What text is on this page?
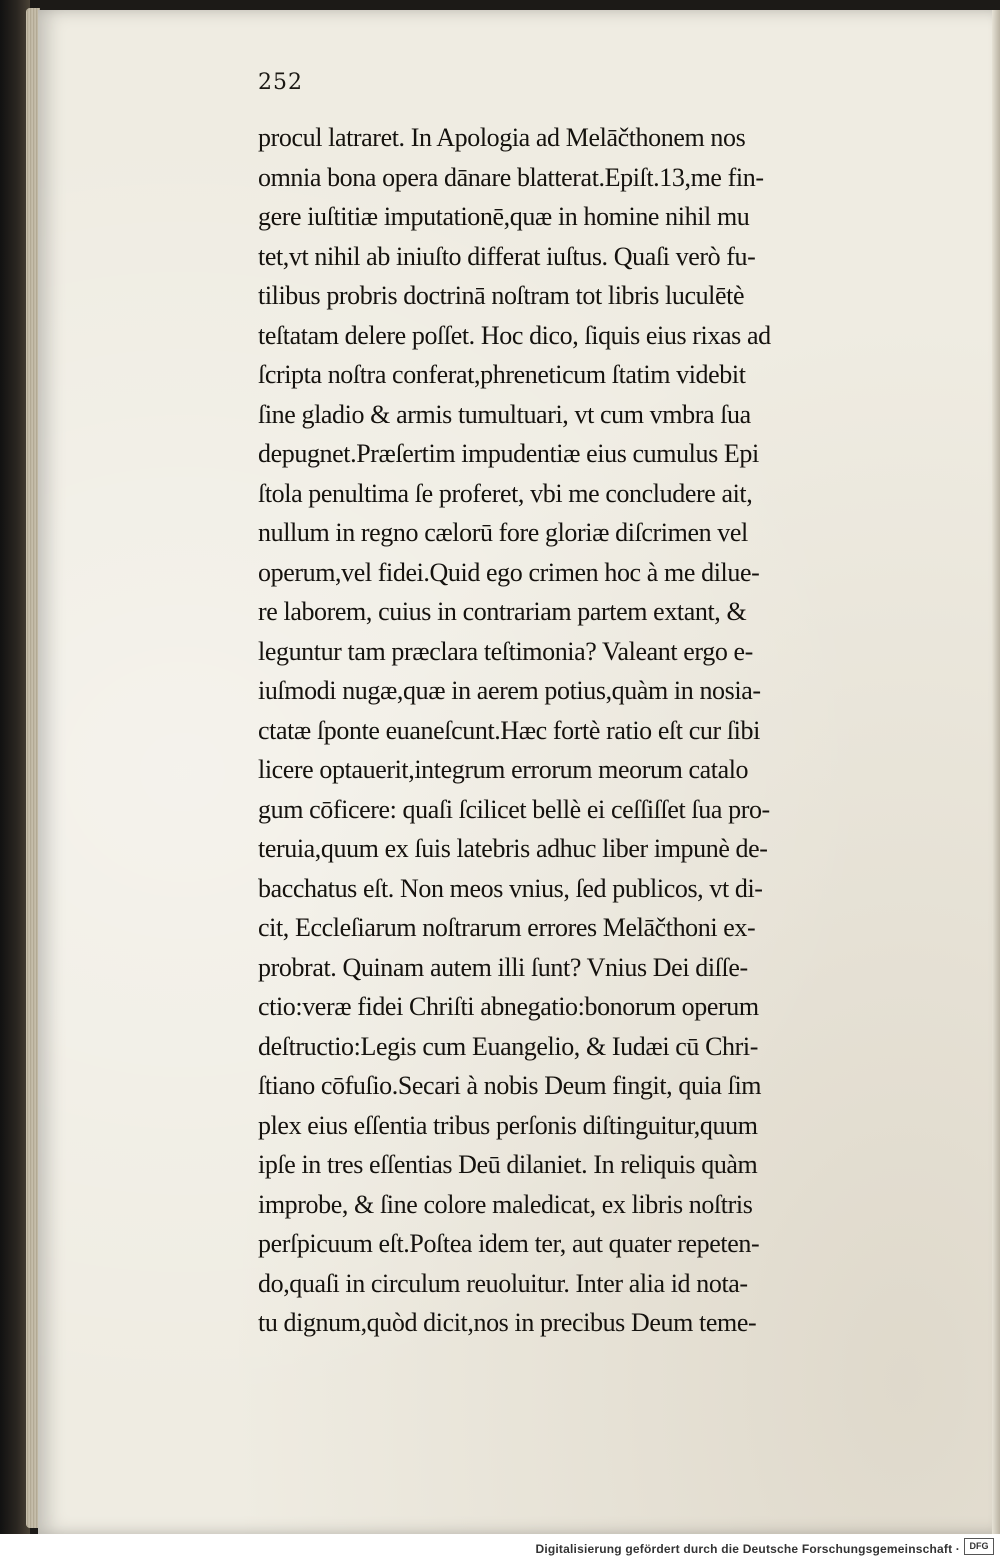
252

procul latraret. In Apologia ad Melāčthonem nos
omnia bona opera dānare blatterat.Epiſt.13,me fin-
gere iuſtitiæ imputationē,quæ in homine nihil mu
tet,vt nihil ab iniuſto differat iuſtus. Quaſi verò fu-
tilibus probris doctrinā noſtram tot libris luculētè
teſtatam delere poſſet. Hoc dico, ſiquis eius rixas ad
ſcripta noſtra conferat,phreneticum ſtatim videbit
ſine gladio & armis tumultuari, vt cum vmbra ſua
depugnet.Præſertim impudentiæ eius cumulus Epi
ſtola penultima ſe proferet, vbi me concludere ait,
nullum in regno cælorū fore gloriæ diſcrimen vel
operum,vel fidei.Quid ego crimen hoc à me dilue-
re laborem, cuius in contrariam partem extant, &
leguntur tam præclara teſtimonia? Valeant ergo e-
iuſmodi nugæ,quæ in aerem potius,quàm in nosia-
ctatæ ſponte euaneſcunt.Hæc fortè ratio eſt cur ſibi
licere optauerit,integrum errorum meorum catalo
gum cōficere: quaſi ſcilicet bellè ei ceſſiſſet ſua pro-
teruia,quum ex ſuis latebris adhuc liber impunè de-
bacchatus eſt. Non meos vnius, ſed publicos, vt di-
cit, Eccleſiarum noſtrarum errores Melāčthoni ex-
probrat. Quinam autem illi ſunt? Vnius Dei diſſe-
ctio:veræ fidei Chriſti abnegatio:bonorum operum
deſtructio:Legis cum Euangelio, & Iudæi cū Chri-
ſtiano cōfuſio.Secari à nobis Deum fingit, quia ſim
plex eius eſſentia tribus perſonis diſtinguitur,quum
ipſe in tres eſſentias Deū dilaniet. In reliquis quàm
improbe, & ſine colore maledicat, ex libris noſtris
perſpicuum eſt.Poſtea idem ter, aut quater repeten-
do,quaſi in circulum reuoluitur. Inter alia id nota-
tu dignum,quòd dicit,nos in precibus Deum teme-
Digitalisierung gefördert durch die Deutsche Forschungsgemeinschaft ·	DFG
